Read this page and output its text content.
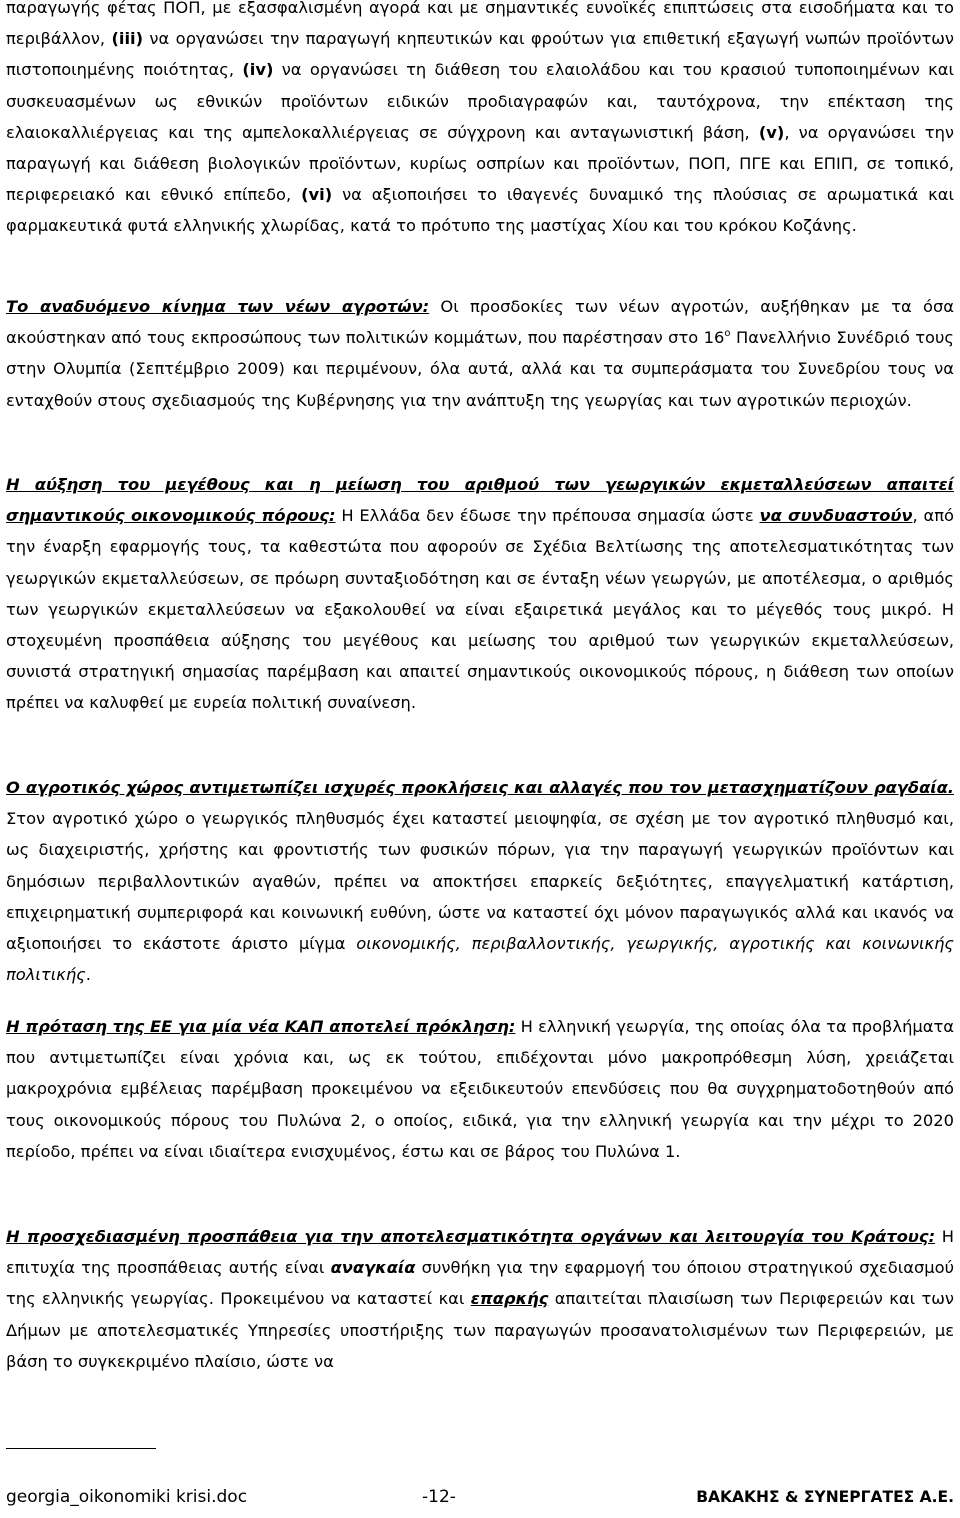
παραγωγής φέτας ΠΟΠ, με εξασφαλισμένη αγορά και με σημαντικές ευνοϊκές επιπτώσεις στα εισοδήματα και το περιβάλλον, (iii) να οργανώσει την παραγωγή κηπευτικών και φρούτων για επιθετική εξαγωγή νωπών προϊόντων πιστοποιημένης ποιότητας, (iv) να οργανώσει τη διάθεση του ελαιολάδου και του κρασιού τυποποιημένων και συσκευασμένων ως εθνικών προϊόντων ειδικών προδιαγραφών και, ταυτόχρονα, την επέκταση της ελαιοκαλλιέργειας και της αμπελοκαλλιέργειας σε σύγχρονη και ανταγωνιστική βάση, (v), να οργανώσει την παραγωγή και διάθεση βιολογικών προϊόντων, κυρίως οσπρίων και προϊόντων, ΠΟΠ, ΠΓΕ και ΕΠΙΠ, σε τοπικό, περιφερειακό και εθνικό επίπεδο, (vi) να αξιοποιήσει το ιθαγενές δυναμικό της πλούσιας σε αρωματικά και φαρμακευτικά φυτά ελληνικής χλωρίδας, κατά το πρότυπο της μαστίχας Χίου και του κρόκου Κοζάνης.

Το αναδυόμενο κίνημα των νέων αγροτών: Οι προσδοκίες των νέων αγροτών, αυξήθηκαν με τα όσα ακούστηκαν από τους εκπροσώπους των πολιτικών κομμάτων, που παρέστησαν στο $16^o$ Πανελλήνιο Συνέδριό τους στην Ολυμπία (Σεπτέμβριο 2009) και περιμένουν, όλα αυτά, αλλά και τα συμπεράσματα του Συνεδρίου τους να ενταχθούν στους σχεδιασμούς της Κυβέρνησης για την ανάπτυξη της γεωργίας και των αγροτικών περιοχών.

Η αύξηση του μεγέθους και η μείωση του αριθμού των γεωργικών εκμεταλλεύσεων απαιτεί σημαντικούς οικονομικούς πόρους: Η Ελλάδα δεν έδωσε την πρέπουσα σημασία ώστε να συνδυαστούν, από την έναρξη εφαρμογής τους, τα καθεστώτα που αφορούν σε Σχέδια Βελτίωσης της αποτελεσματικότητας των γεωργικών εκμεταλλεύσεων, σε πρόωρη συνταξιοδότηση και σε ένταξη νέων γεωργών, με αποτέλεσμα, ο αριθμός των γεωργικών εκμεταλλεύσεων να εξακολουθεί να είναι εξαιρετικά μεγάλος και το μέγεθός τους μικρό. Η στοχευμένη προσπάθεια αύξησης του μεγέθους και μείωσης του αριθμού των γεωργικών εκμεταλλεύσεων, συνιστά στρατηγική σημασίας παρέμβαση και απαιτεί σημαντικούς οικονομικούς πόρους, η διάθεση των οποίων πρέπει να καλυφθεί με ευρεία πολιτική συναίνεση.

Ο αγροτικός χώρος αντιμετωπίζει ισχυρές προκλήσεις και αλλαγές που τον μετασχηματίζουν ραγδαία. Στον αγροτικό χώρο ο γεωργικός πληθυσμός έχει καταστεί μειοψηφία, σε σχέση με τον αγροτικό πληθυσμό και, ως διαχειριστής, χρήστης και φροντιστής των φυσικών πόρων, για την παραγωγή γεωργικών προϊόντων και δημόσιων περιβαλλοντικών αγαθών, πρέπει να αποκτήσει επαρκείς δεξιότητες, επαγγελματική κατάρτιση, επιχειρηματική συμπεριφορά και κοινωνική ευθύνη, ώστε να καταστεί όχι μόνον παραγωγικός αλλά και ικανός να αξιοποιήσει το εκάστοτε άριστο μίγμα οικονομικής, περιβαλλοντικής, γεωργικής, αγροτικής και κοινωνικής πολιτικής.

Η πρόταση της ΕΕ για μία νέα ΚΑΠ αποτελεί πρόκληση: Η ελληνική γεωργία, της οποίας όλα τα προβλήματα που αντιμετωπίζει είναι χρόνια και, ως εκ τούτου, επιδέχονται μόνο μακροπρόθεσμη λύση, χρειάζεται μακροχρόνια εμβέλειας παρέμβαση προκειμένου να εξειδικευτούν επενδύσεις που θα συγχρηματοδοτηθούν από τους οικονομικούς πόρους του Πυλώνα 2, ο οποίος, ειδικά, για την ελληνική γεωργία και την μέχρι το 2020 περίοδο, πρέπει να είναι ιδιαίτερα ενισχυμένος, έστω και σε βάρος του Πυλώνα 1.

Η προσχεδιασμένη προσπάθεια για την αποτελεσματικότητα οργάνων και λειτουργία του Κράτους: Η επιτυχία της προσπάθειας αυτής είναι αναγκαία συνθήκη για την εφαρμογή του όποιου στρατηγικού σχεδιασμού της ελληνικής γεωργίας. Προκειμένου να καταστεί και επαρκής απαιτείται πλαισίωση των Περιφερειών και των Δήμων με αποτελεσματικές Υπηρεσίες υποστήριξης των παραγωγών προσανατολισμένων των Περιφερειών, με βάση το συγκεκριμένο πλαίσιο, ώστε να

georgia_oikonomiki krisi.doc	-12-	ΒΑΚΑΚΗΣ & ΣΥΝΕΡΓΑΤΕΣ Α.Ε.
